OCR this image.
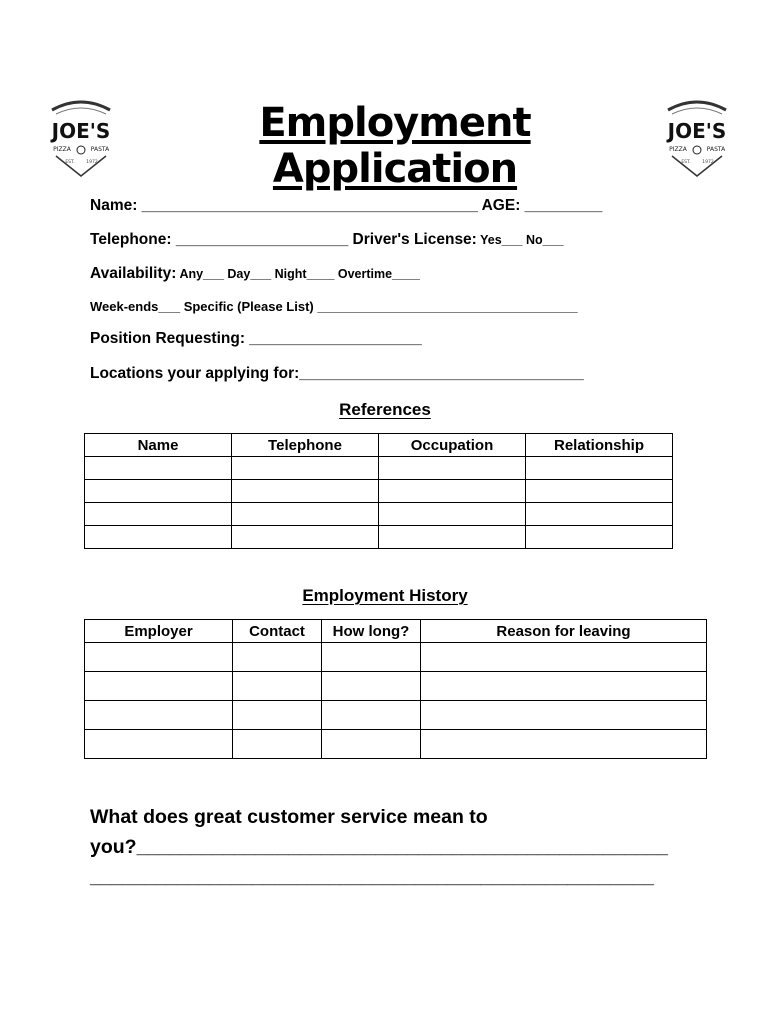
JOE'S
PIZZA	PASTA
EST.	1972
JOE'S
PIZZA	PASTA
EST.	1972
Employment Application
Name: _______________________________________ AGE: _________
Telephone: ____________________ Driver's License: Yes___ No___
Availability: Any___ Day___ Night____ Overtime____
Week-ends___ Specific (Please List) ____________________________________
Position Requesting: ____________________
Locations your applying for:_________________________________
References
Name	Telephone	Occupation	Relationship

Employment History
Employer	Contact	How long?	Reason for leaving

What does great customer service mean to
you?_________________________________________________
____________________________________________________
